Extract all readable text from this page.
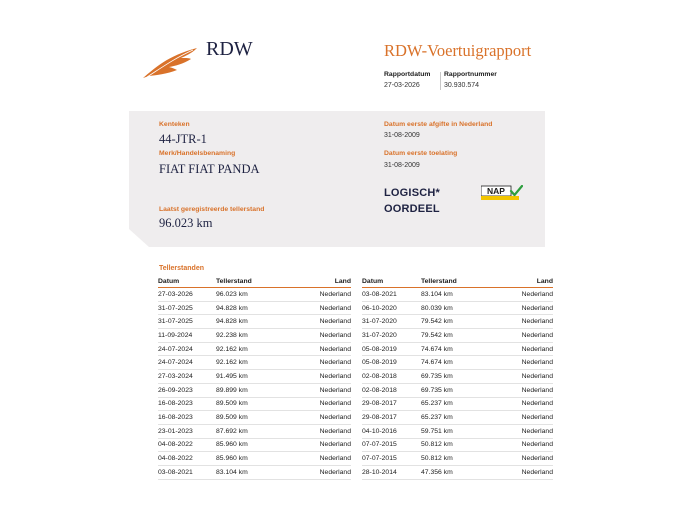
RDW	RDW-Voertuigrapport
Rapportdatum Rapportnummer
27-03-2026	30.930.574
Kenteken
44-JTR-1
Merk/Handelsbenaming
FIAT FIAT PANDA
Laatst geregistreerde tellerstand
96.023 km
Datum eerste afgifte in Nederland
31-08-2009
Datum eerste toelating
31-08-2009
LOGISCH*
OORDEEL
NAP
Tellerstanden
Datum	Tellerstand	Land
27-03-2026	96.023 km	Nederland
31-07-2025	94.828 km	Nederland
31-07-2025	94.828 km	Nederland
11-09-2024	92.238 km	Nederland
24-07-2024	92.162 km	Nederland
24-07-2024	92.162 km	Nederland
27-03-2024	91.495 km	Nederland
26-09-2023	89.899 km	Nederland
16-08-2023	89.509 km	Nederland
16-08-2023	89.509 km	Nederland
23-01-2023	87.692 km	Nederland
04-08-2022	85.960 km	Nederland
04-08-2022	85.960 km	Nederland
03-08-2021	83.104 km	Nederland
Datum	Tellerstand	Land
03-08-2021	83.104 km	Nederland
06-10-2020	80.039 km	Nederland
31-07-2020	79.542 km	Nederland
31-07-2020	79.542 km	Nederland
05-08-2019	74.674 km	Nederland
05-08-2019	74.674 km	Nederland
02-08-2018	69.735 km	Nederland
02-08-2018	69.735 km	Nederland
29-08-2017	65.237 km	Nederland
29-08-2017	65.237 km	Nederland
04-10-2016	59.751 km	Nederland
07-07-2015	50.812 km	Nederland
07-07-2015	50.812 km	Nederland
28-10-2014	47.356 km	Nederland
